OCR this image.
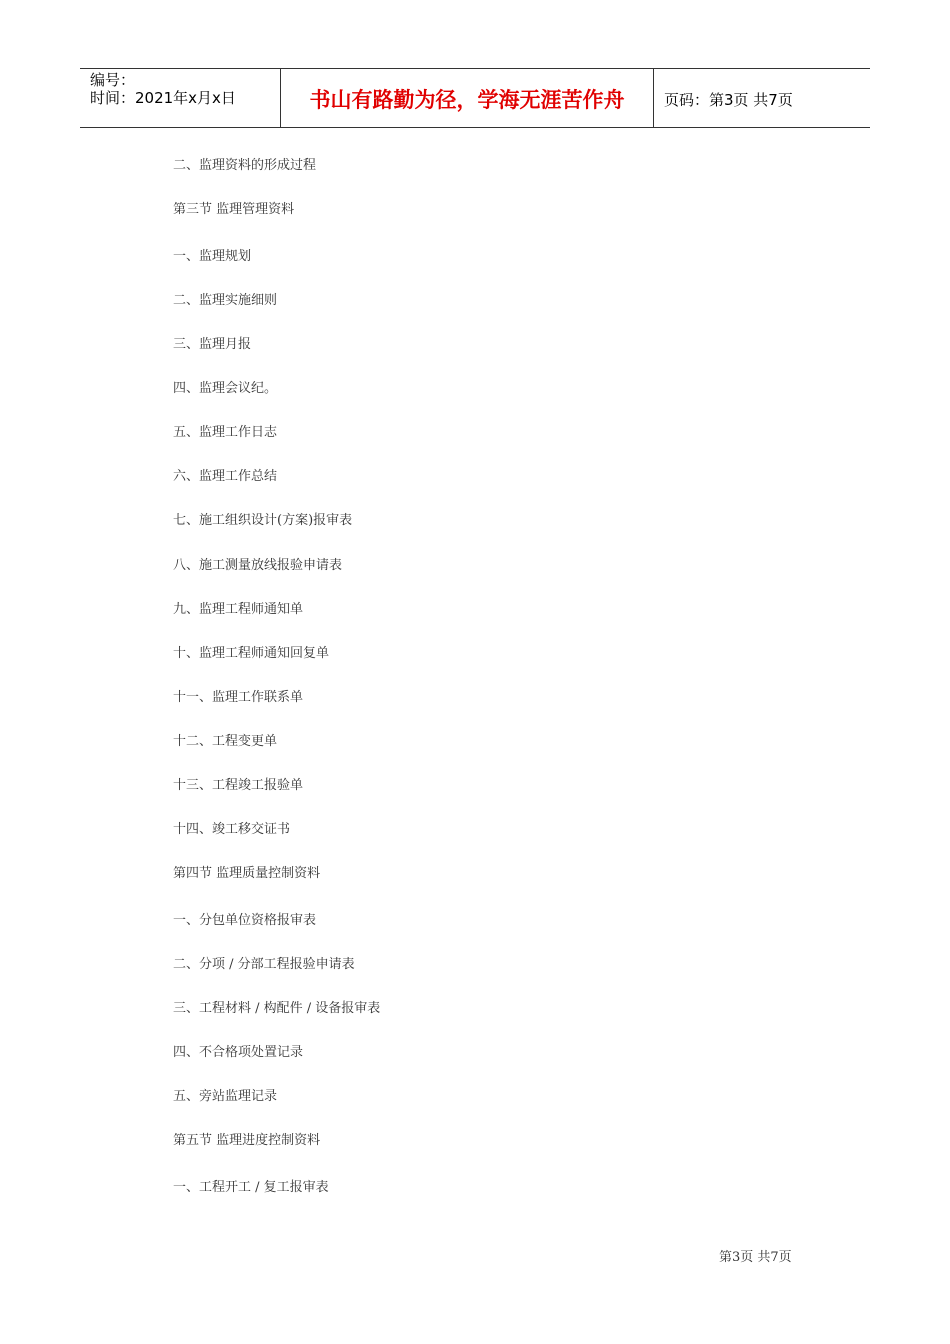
编号：
时间：2021年x月x日	书山有路勤为径，学海无涯苦作舟	页码：第3页 共7页
二、监理资料的形成过程
第三节 监理管理资料
一、监理规划
二、监理实施细则
三、监理月报
四、监理会议纪。
五、监理工作日志
六、监理工作总结
七、施工组织设计(方案)报审表
八、施工测量放线报验申请表
九、监理工程师通知单
十、监理工程师通知回复单
十一、监理工作联系单
十二、工程变更单
十三、工程竣工报验单
十四、竣工移交证书
第四节 监理质量控制资料
一、分包单位资格报审表
二、分项 / 分部工程报验申请表
三、工程材料 / 构配件 / 设备报审表
四、不合格项处置记录
五、旁站监理记录
第五节 监理进度控制资料
一、工程开工 / 复工报审表
第3页 共7页
